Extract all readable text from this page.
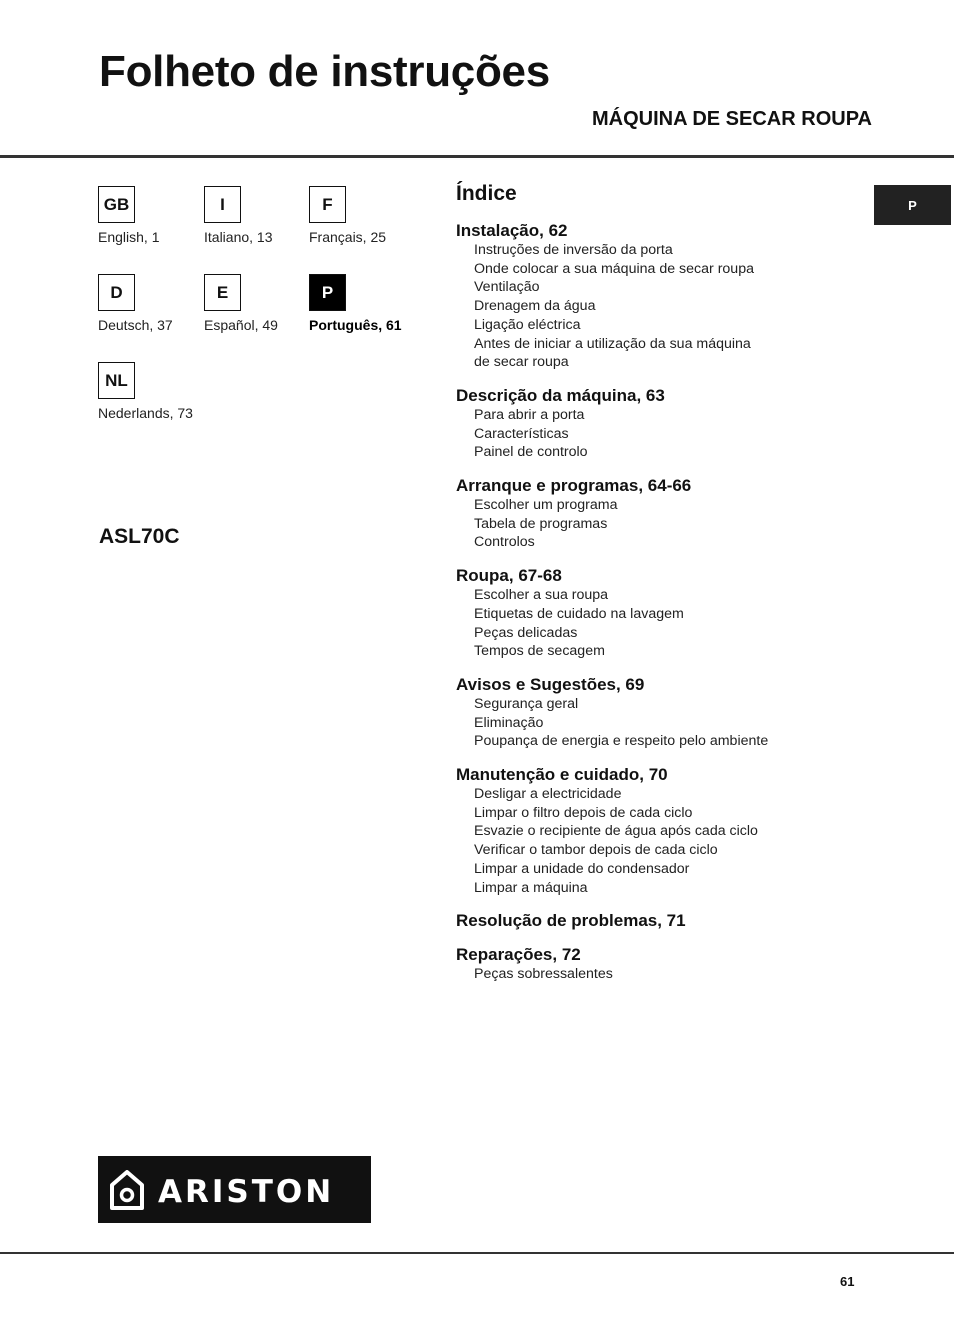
Folheto de instruções
MÁQUINA DE SECAR ROUPA
P
GB
English, 1
I
Italiano, 13
F
Français, 25
D
Deutsch, 37
E
Español, 49
P
Português, 61
NL
Nederlands, 73
ASL70C
Índice
Instalação, 62
Instruções de inversão da porta
Onde colocar a sua máquina de secar roupa
Ventilação
Drenagem da água
Ligação eléctrica
Antes de iniciar a utilização da sua máquina
de secar roupa
Descrição da máquina, 63
Para abrir a porta
Características
Painel de controlo
Arranque e programas, 64-66
Escolher um programa
Tabela de programas
Controlos
Roupa, 67-68
Escolher a sua roupa
Etiquetas de cuidado na lavagem
Peças delicadas
Tempos de secagem
Avisos e Sugestões, 69
Segurança geral
Eliminação
Poupança de energia e respeito pelo ambiente
Manutenção e cuidado, 70
Desligar a electricidade
Limpar o filtro depois de cada ciclo
Esvazie o recipiente de água após cada ciclo
Verificar o tambor depois de cada ciclo
Limpar a unidade do condensador
Limpar a máquina
Resolução de problemas, 71
Reparações, 72
Peças sobressalentes
ARISTON
61
